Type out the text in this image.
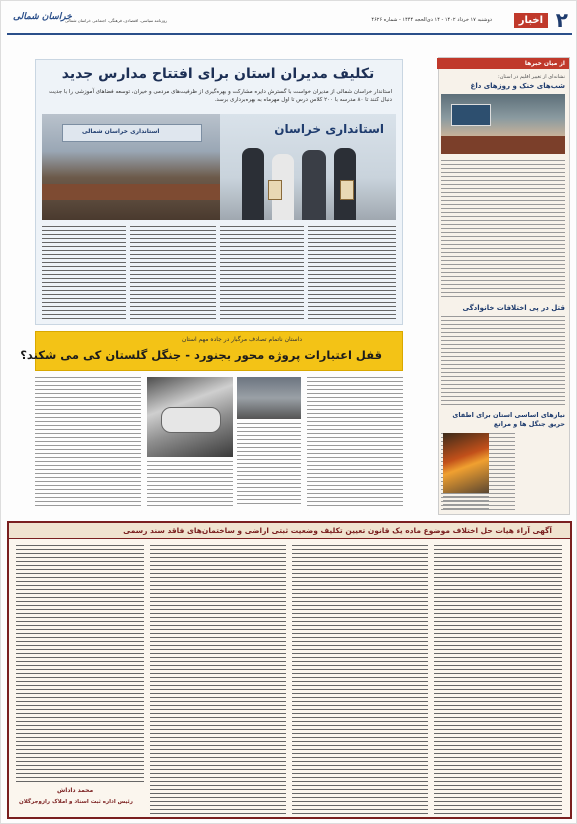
۲
اخبار
دوشنبه ۱۷ خرداد ۱۴۰۲ - ۱۴ ذی‌الحجه ۱۴۴۴ - شماره ۴۶۲۶
روزنامه سیاسی، اقتصادی، فرهنگی، اجتماعی خراسان شمالی
خراسان شمالی
از میان خبرها
نشانه‌ای از تغییر اقلیم در استان:
شب‌های خنک و روزهای داغ
قتل در پی اختلافات خانوادگی
نیازهای اساسی استان برای اطفای حریق جنگل ها و مراتع
تکلیف مدیران استان برای افتتاح مدارس جدید
استاندار خراسان شمالی از مدیران خواست با گسترش دایره مشارکت و بهره‌گیری از ظرفیت‌های مردمی و خیران، توسعه فضاهای آموزشی را با جدیت دنبال کنند تا ۸۰ مدرسه با ۲۰۰ کلاس درس تا اول مهرماه به بهره‌برداری برسد.
استانداری خراسان
استانداری خراسان شمالی
داستان ناتمام تصادف مرگبار در جاده مهم استان
قفل اعتبارات پروژه محور بجنورد - جنگل گلستان کی می شکند؟
آگهی آراء هیات حل اختلاف موضوع ماده یک قانون تعیین تکلیف وضعیت ثبتی اراضی و ساختمان‌های فاقد سند رسمی
محمد داداش
رئیس اداره ثبت اسناد و املاک رازوجرگلان
